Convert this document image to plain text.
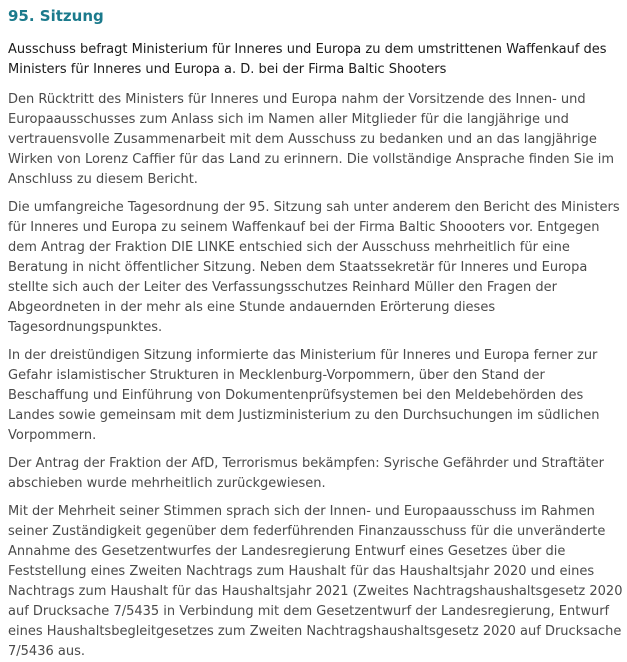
95. Sitzung
Ausschuss befragt Ministerium für Inneres und Europa zu dem umstrittenen Waffenkauf des Ministers für Inneres und Europa a. D. bei der Firma Baltic Shooters

Den Rücktritt des Ministers für Inneres und Europa nahm der Vorsitzende des Innen- und Europaausschusses zum Anlass sich im Namen aller Mitglieder für die langjährige und vertrauensvolle Zusammenarbeit mit dem Ausschuss zu bedanken und an das langjährige Wirken von Lorenz Caffier für das Land zu erinnern. Die vollständige Ansprache finden Sie im Anschluss zu diesem Bericht.

Die umfangreiche Tagesordnung der 95. Sitzung sah unter anderem den Bericht des Ministers für Inneres und Europa zu seinem Waffenkauf bei der Firma Baltic Shoooters vor. Entgegen dem Antrag der Fraktion DIE LINKE entschied sich der Ausschuss mehrheitlich für eine Beratung in nicht öffentlicher Sitzung. Neben dem Staatssekretär für Inneres und Europa stellte sich auch der Leiter des Verfassungsschutzes Reinhard Müller den Fragen der Abgeordneten in der mehr als eine Stunde andauernden Erörterung dieses Tagesordnungspunktes.

In der dreistündigen Sitzung informierte das Ministerium für Inneres und Europa ferner zur Gefahr islamistischer Strukturen in Mecklenburg-Vorpommern, über den Stand der Beschaffung und Einführung von Dokumentenprüfsystemen bei den Meldebehörden des Landes sowie gemeinsam mit dem Justizministerium zu den Durchsuchungen im südlichen Vorpommern.

Der Antrag der Fraktion der AfD, Terrorismus bekämpfen: Syrische Gefährder und Straftäter abschieben wurde mehrheitlich zurückgewiesen.

Mit der Mehrheit seiner Stimmen sprach sich der Innen- und Europaausschuss im Rahmen seiner Zuständigkeit gegenüber dem federführenden Finanzausschuss für die unveränderte Annahme des Gesetzentwurfes der Landesregierung Entwurf eines Gesetzes über die Feststellung eines Zweiten Nachtrags zum Haushalt für das Haushaltsjahr 2020 und eines Nachtrags zum Haushalt für das Haushaltsjahr 2021 (Zweites Nachtragshaushaltsgesetz 2020 auf Drucksache 7/5435 in Verbindung mit dem Gesetzentwurf der Landesregierung, Entwurf eines Haushaltsbegleitgesetzes zum Zweiten Nachtragshaushaltsgesetz 2020 auf Drucksache 7/5436 aus.
